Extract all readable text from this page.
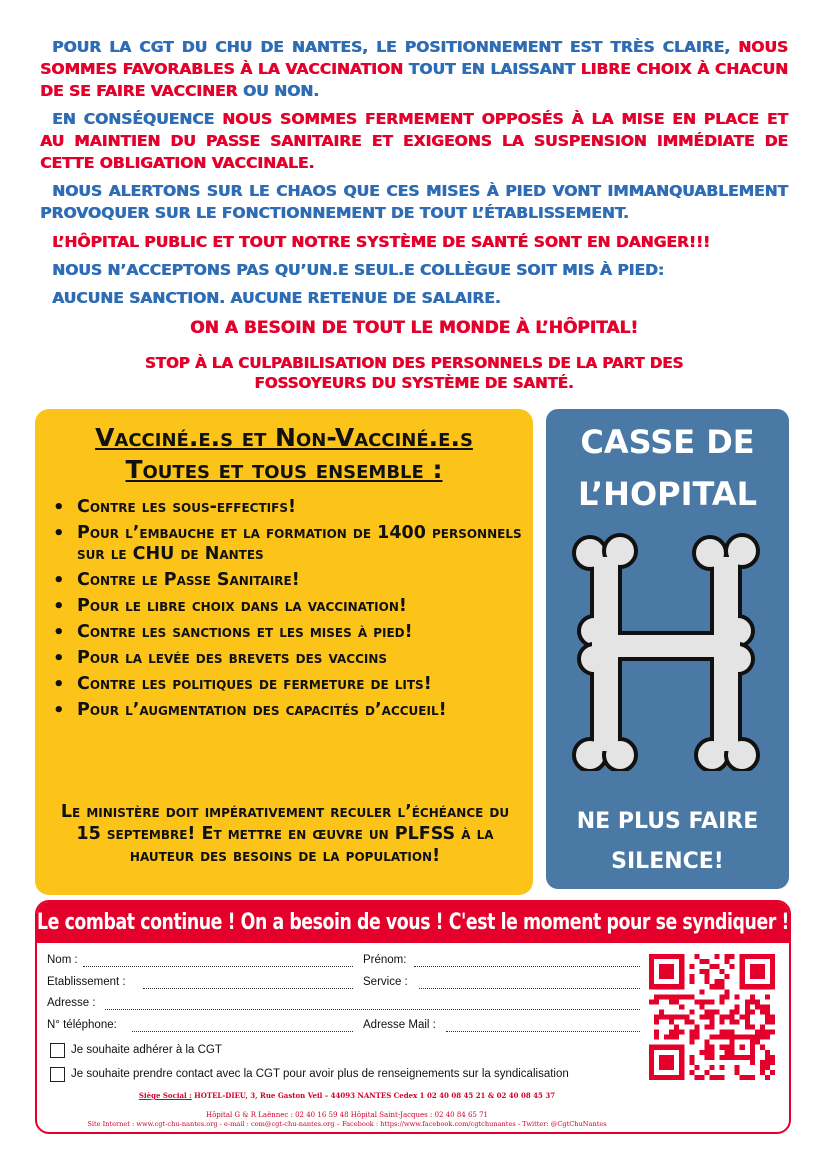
POUR LA CGT DU CHU DE NANTES, LE POSITIONNEMENT EST TRÈS CLAIRE, NOUS SOMMES FAVORABLES À LA VACCINATION TOUT EN LAISSANT LIBRE CHOIX À CHACUN DE SE FAIRE VACCINER OU NON.

EN CONSÉQUENCE NOUS SOMMES FERMEMENT OPPOSÉS À LA MISE EN PLACE ET AU MAINTIEN DU PASSE SANITAIRE ET EXIGEONS LA SUSPENSION IMMÉDIATE DE CETTE OBLIGATION VACCINALE.

NOUS ALERTONS SUR LE CHAOS QUE CES MISES À PIED VONT IMMANQUABLEMENT PROVOQUER SUR LE FONCTIONNEMENT DE TOUT L’ÉTABLISSEMENT.

L’HÔPITAL PUBLIC ET TOUT NOTRE SYSTÈME DE SANTÉ SONT EN DANGER!!!

NOUS N’ACCEPTONS PAS QU’UN.E SEUL.E COLLÈGUE SOIT MIS À PIED:

AUCUNE SANCTION. AUCUNE RETENUE DE SALAIRE.

ON A BESOIN DE TOUT LE MONDE À L’HÔPITAL!

STOP À LA CULPABILISATION DES PERSONNELS DE LA PART DES

FOSSOYEURS DU SYSTÈME DE SANTÉ.

Vacciné.e.s et Non-Vacciné.e.s
Toutes et tous ensemble :
• Contre les sous-effectifs!
• Pour l’embauche et la formation de 1400 personnels sur le CHU de Nantes
• Contre le Passe Sanitaire!
• Pour le libre choix dans la vaccination!
• Contre les sanctions et les mises à pied!
• Pour la levée des brevets des vaccins
• Contre les politiques de fermeture de lits!
• Pour l’augmentation des capacités d’accueil!

Le ministère doit impérativement reculer l’échéance du 15 septembre! Et mettre en œuvre un PLFSS à la hauteur des besoins de la population!

CASSE DE
L’HOPITAL
NE PLUS FAIRE
SILENCE!
Le combat continue ! On a besoin de vous ! C'est le moment pour se syndiquer !
Nom :	Prénom:
Etablissement :	Service :
Adresse :
N° téléphone:	Adresse Mail :
Je souhaite adhérer à la CGT
Je souhaite prendre contact avec la CGT pour avoir plus de renseignements sur la syndicalisation
Siège Social : HOTEL-DIEU, 3, Rue Gaston Veil – 44093 NANTES Cedex 1 02 40 08 45 21 & 02 40 08 45 37
Hôpital G & R Laënnec : 02 40 16 59 48 Hôpital Saint-Jacques : 02 40 84 65 71
Site Internet : www.cgt-chu-nantes.org - e-mail : com@cgt-chu-nantes.org – Facebook : https://www.facebook.com/cgtchunantes - Twitter: @CgtChuNantes
